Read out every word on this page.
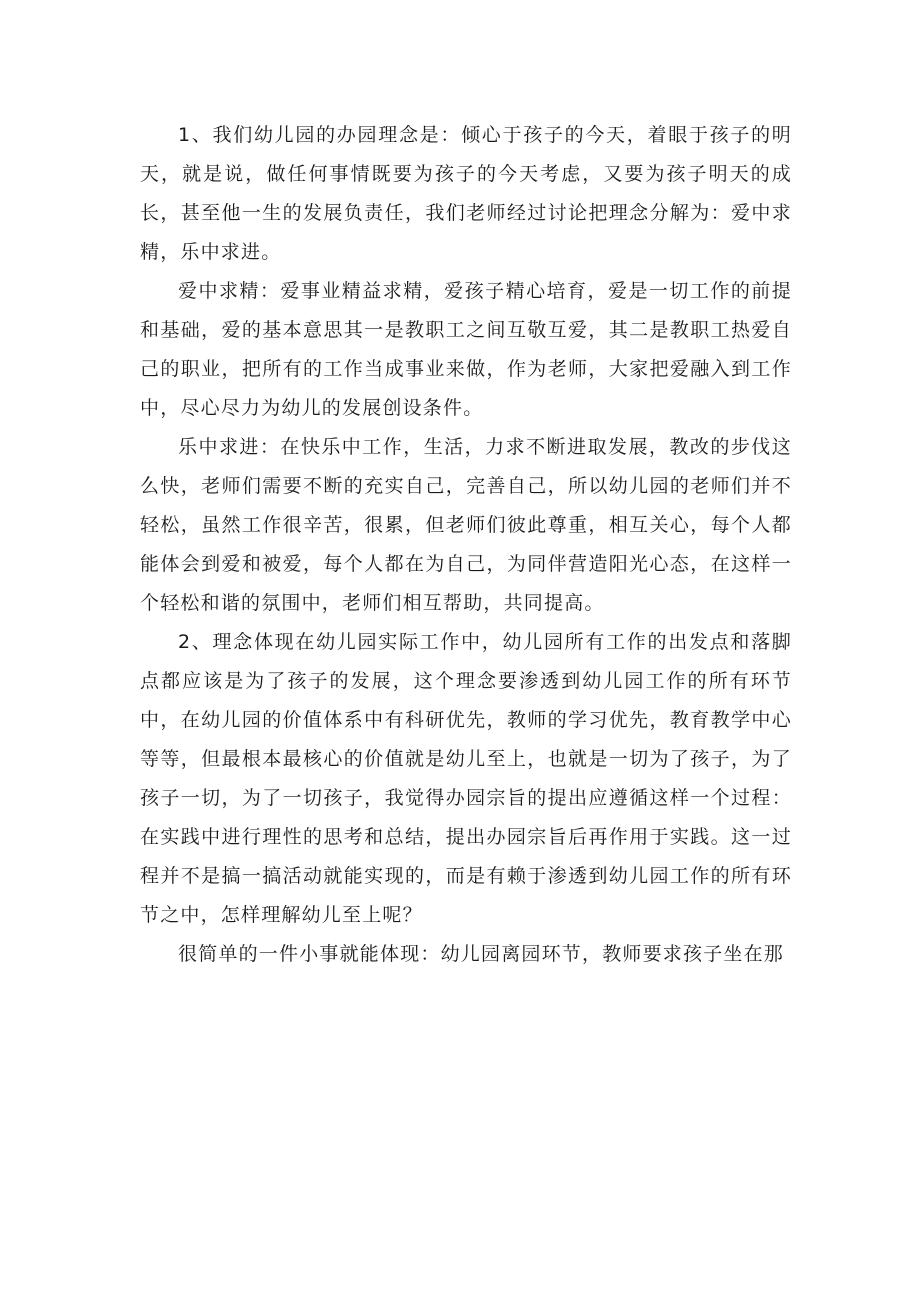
1、我们幼儿园的办园理念是：倾心于孩子的今天，着眼于孩子的明天，就是说，做任何事情既要为孩子的今天考虑，又要为孩子明天的成长，甚至他一生的发展负责任，我们老师经过讨论把理念分解为：爱中求精，乐中求进。

爱中求精：爱事业精益求精，爱孩子精心培育，爱是一切工作的前提和基础，爱的基本意思其一是教职工之间互敬互爱，其二是教职工热爱自己的职业，把所有的工作当成事业来做，作为老师，大家把爱融入到工作中，尽心尽力为幼儿的发展创设条件。

乐中求进：在快乐中工作，生活，力求不断进取发展，教改的步伐这么快，老师们需要不断的充实自己，完善自己，所以幼儿园的老师们并不轻松，虽然工作很辛苦，很累，但老师们彼此尊重，相互关心，每个人都能体会到爱和被爱，每个人都在为自己，为同伴营造阳光心态，在这样一个轻松和谐的氛围中，老师们相互帮助，共同提高。

2、理念体现在幼儿园实际工作中，幼儿园所有工作的出发点和落脚点都应该是为了孩子的发展，这个理念要渗透到幼儿园工作的所有环节中，在幼儿园的价值体系中有科研优先，教师的学习优先，教育教学中心等等，但最根本最核心的价值就是幼儿至上，也就是一切为了孩子，为了孩子一切，为了一切孩子，我觉得办园宗旨的提出应遵循这样一个过程：在实践中进行理性的思考和总结，提出办园宗旨后再作用于实践。这一过程并不是搞一搞活动就能实现的，而是有赖于渗透到幼儿园工作的所有环节之中，怎样理解幼儿至上呢？

很简单的一件小事就能体现：幼儿园离园环节，教师要求孩子坐在那
